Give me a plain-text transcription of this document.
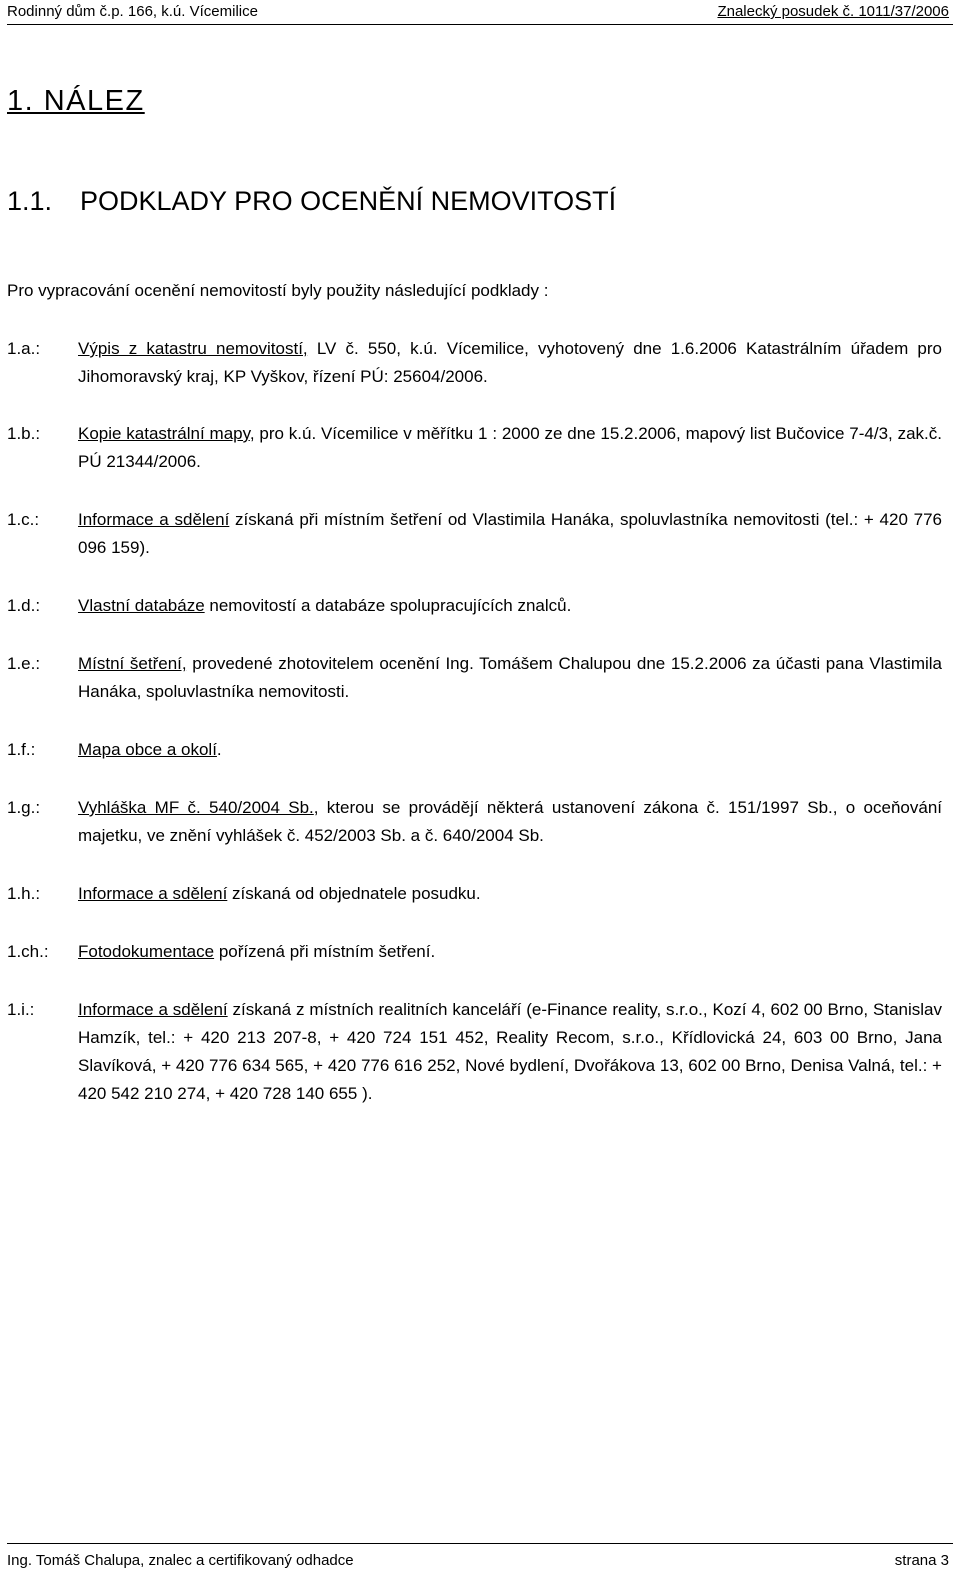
Rodinný dům č.p. 166, k.ú. Vícemilice	Znalecký posudek č. 1011/37/2006
1. NÁLEZ
1.1. PODKLADY PRO OCENĚNÍ NEMOVITOSTÍ
Pro vypracování ocenění nemovitostí byly použity následující podklady :
1.a.:	Výpis z katastru nemovitostí, LV č. 550, k.ú. Vícemilice, vyhotovený dne 1.6.2006 Katastrálním úřadem pro Jihomoravský kraj, KP Vyškov, řízení PÚ: 25604/2006.
1.b.:	Kopie katastrální mapy, pro k.ú. Vícemilice v měřítku 1 : 2000 ze dne 15.2.2006, mapový list Bučovice 7-4/3, zak.č. PÚ 21344/2006.
1.c.:	Informace a sdělení získaná při místním šetření od Vlastimila Hanáka, spoluvlastníka nemovitosti (tel.: + 420 776 096 159).
1.d.:	Vlastní databáze nemovitostí a databáze spolupracujících znalců.
1.e.:	Místní šetření, provedené zhotovitelem ocenění Ing. Tomášem Chalupou dne 15.2.2006 za účasti pana Vlastimila Hanáka, spoluvlastníka nemovitosti.
1.f.:	Mapa obce a okolí.
1.g.:	Vyhláška MF č. 540/2004 Sb., kterou se provádějí některá ustanovení zákona č. 151/1997 Sb., o oceňování majetku, ve znění vyhlášek č. 452/2003 Sb. a č. 640/2004 Sb.
1.h.:	Informace a sdělení získaná od objednatele posudku.
1.ch.:	Fotodokumentace pořízená při místním šetření.
1.i.:	Informace a sdělení získaná z místních realitních kanceláří (e-Finance reality, s.r.o., Kozí 4, 602 00 Brno, Stanislav Hamzík, tel.: + 420 213 207-8, + 420 724 151 452, Reality Recom, s.r.o., Křídlovická 24, 603 00 Brno, Jana Slavíková, + 420 776 634 565, + 420 776 616 252, Nové bydlení, Dvořákova 13, 602 00 Brno, Denisa Valná, tel.: + 420 542 210 274, + 420 728 140 655 ).
Ing. Tomáš Chalupa, znalec a certifikovaný odhadce	strana 3
